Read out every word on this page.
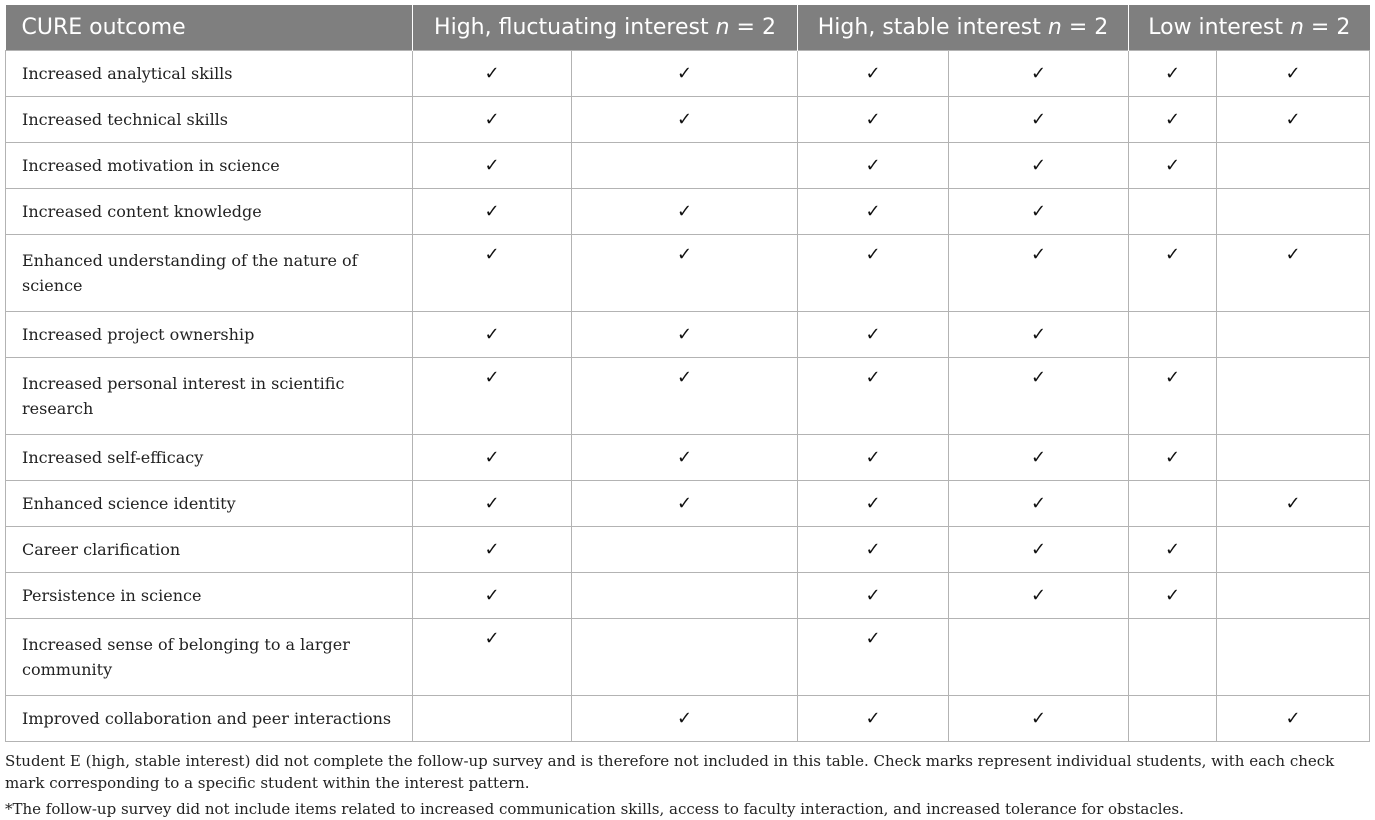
CURE outcome	High, fluctuating interest n = 2		High, stable interest n = 2		Low interest n = 2	
Increased analytical skills	✓	✓	✓	✓	✓	✓
Increased technical skills	✓	✓	✓	✓	✓	✓
Increased motivation in science	✓		✓	✓	✓	
Increased content knowledge	✓	✓	✓	✓		
Enhanced understanding of the nature of science	✓	✓	✓	✓	✓	✓
Increased project ownership	✓	✓	✓	✓		
Increased personal interest in scientific research	✓	✓	✓	✓	✓	
Increased self-efficacy	✓	✓	✓	✓	✓	
Enhanced science identity	✓	✓	✓	✓		✓
Career clarification	✓		✓	✓	✓	
Persistence in science	✓		✓	✓	✓	
Increased sense of belonging to a larger community	✓		✓			
Improved collaboration and peer interactions		✓	✓	✓		✓

Student E (high, stable interest) did not complete the follow-up survey and is therefore not included in this table. Check marks represent individual students, with each check mark corresponding to a specific student within the interest pattern.

*The follow-up survey did not include items related to increased communication skills, access to faculty interaction, and increased tolerance for obstacles.
